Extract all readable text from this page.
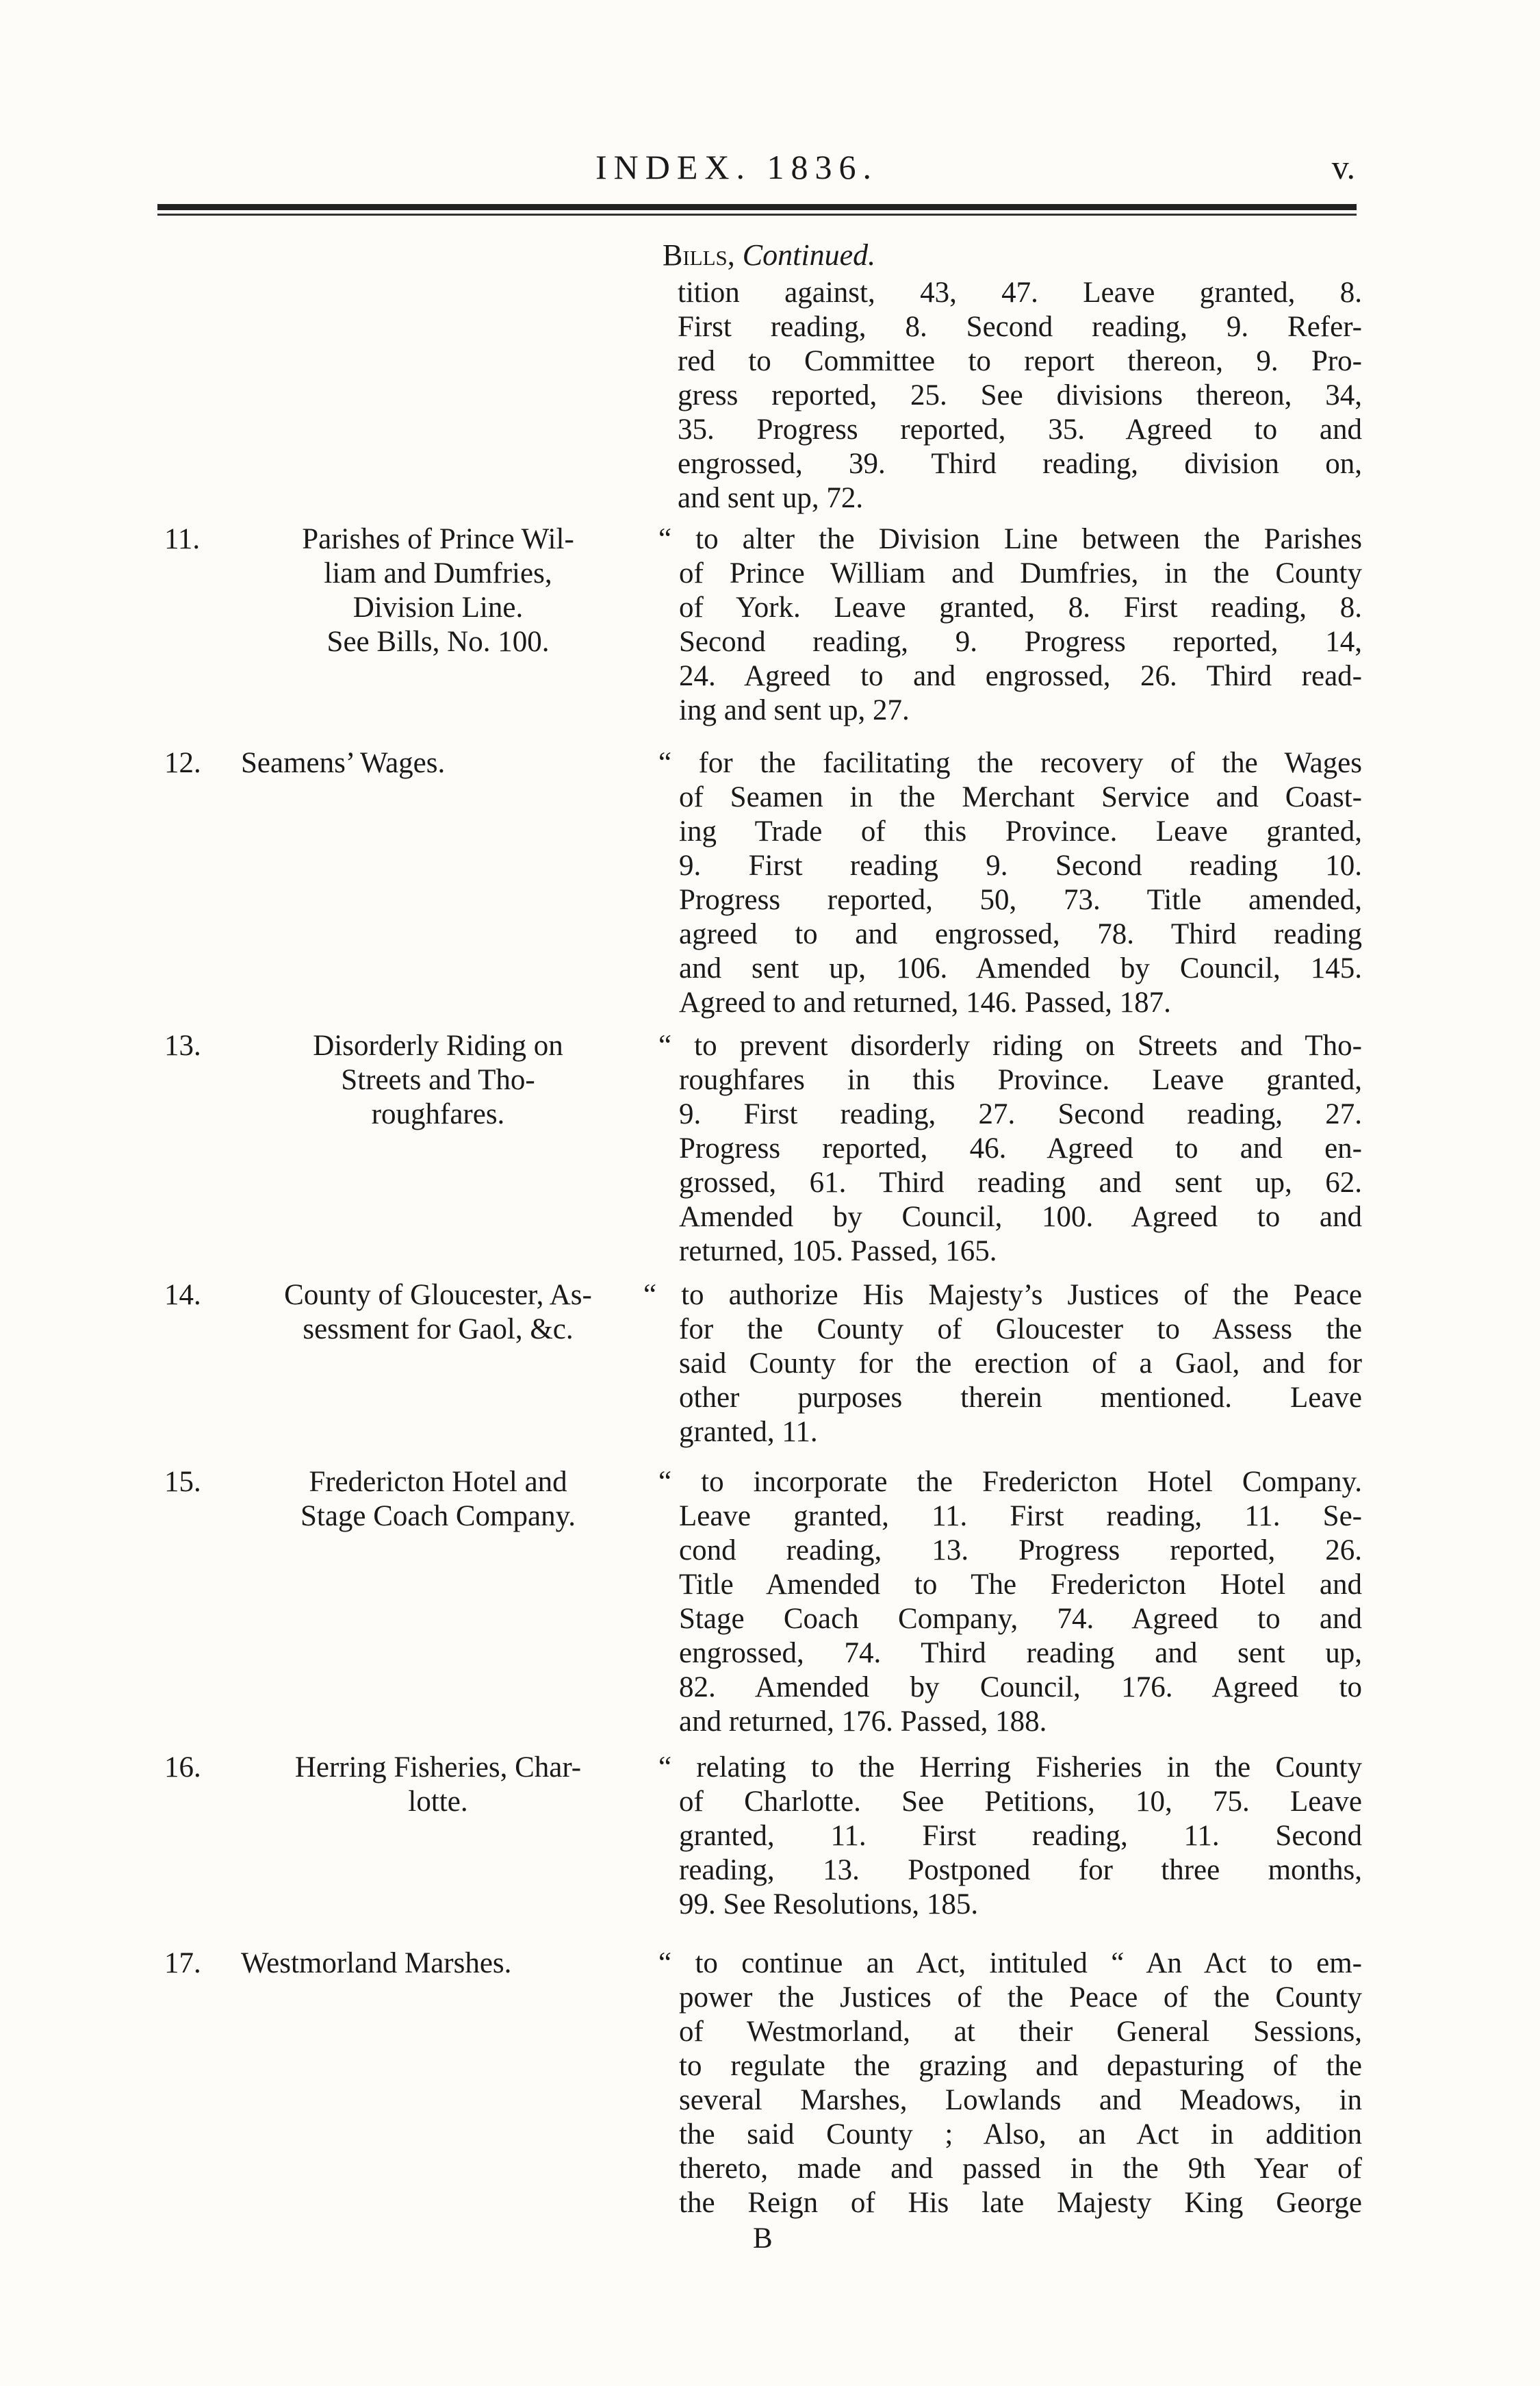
INDEX. 1836.	v.
Bills, Continued.
tition against, 43, 47. Leave granted, 8.
First reading, 8. Second reading, 9. Refer-
red to Committee to report thereon, 9. Pro-
gress reported, 25. See divisions thereon, 34,
35. Progress reported, 35. Agreed to and
engrossed, 39. Third reading, division on,
and sent up, 72.
11.	Parishes of Prince Wil-
liam and Dumfries,
Division Line.
See Bills, No. 100.
“ to alter the Division Line between the Parishes
of Prince William and Dumfries, in the County
of York. Leave granted, 8. First reading, 8.
Second reading, 9. Progress reported, 14,
24. Agreed to and engrossed, 26. Third read-
ing and sent up, 27.
12. Seamens’ Wages.	“ for the facilitating the recovery of the Wages
of Seamen in the Merchant Service and Coast-
ing Trade of this Province. Leave granted,
9. First reading 9. Second reading 10.
Progress reported, 50, 73. Title amended,
agreed to and engrossed, 78. Third reading
and sent up, 106. Amended by Council, 145.
Agreed to and returned, 146. Passed, 187.
13.	Disorderly Riding on
Streets and Tho-
roughfares.
“ to prevent disorderly riding on Streets and Tho-
roughfares in this Province. Leave granted,
9. First reading, 27. Second reading, 27.
Progress reported, 46. Agreed to and en-
grossed, 61. Third reading and sent up, 62.
Amended by Council, 100. Agreed to and
returned, 105. Passed, 165.
14.	County of Gloucester, As-
sessment for Gaol, &c.
“ to authorize His Majesty’s Justices of the Peace
for the County of Gloucester to Assess the
said County for the erection of a Gaol, and for
other purposes therein mentioned. Leave
granted, 11.
15.	Fredericton Hotel and
Stage Coach Company.
“ to incorporate the Fredericton Hotel Company.
Leave granted, 11. First reading, 11. Se-
cond reading, 13. Progress reported, 26.
Title Amended to The Fredericton Hotel and
Stage Coach Company, 74. Agreed to and
engrossed, 74. Third reading and sent up,
82. Amended by Council, 176. Agreed to
and returned, 176. Passed, 188.
16.	Herring Fisheries, Char-
lotte.
“ relating to the Herring Fisheries in the County
of Charlotte. See Petitions, 10, 75. Leave
granted, 11. First reading, 11. Second
reading, 13. Postponed for three months,
99. See Resolutions, 185.
17. Westmorland Marshes.	“ to continue an Act, intituled “ An Act to em-
power the Justices of the Peace of the County
of Westmorland, at their General Sessions,
to regulate the grazing and depasturing of the
several Marshes, Lowlands and Meadows, in
the said County ; Also, an Act in addition
thereto, made and passed in the 9th Year of
the Reign of His late Majesty King George
B
